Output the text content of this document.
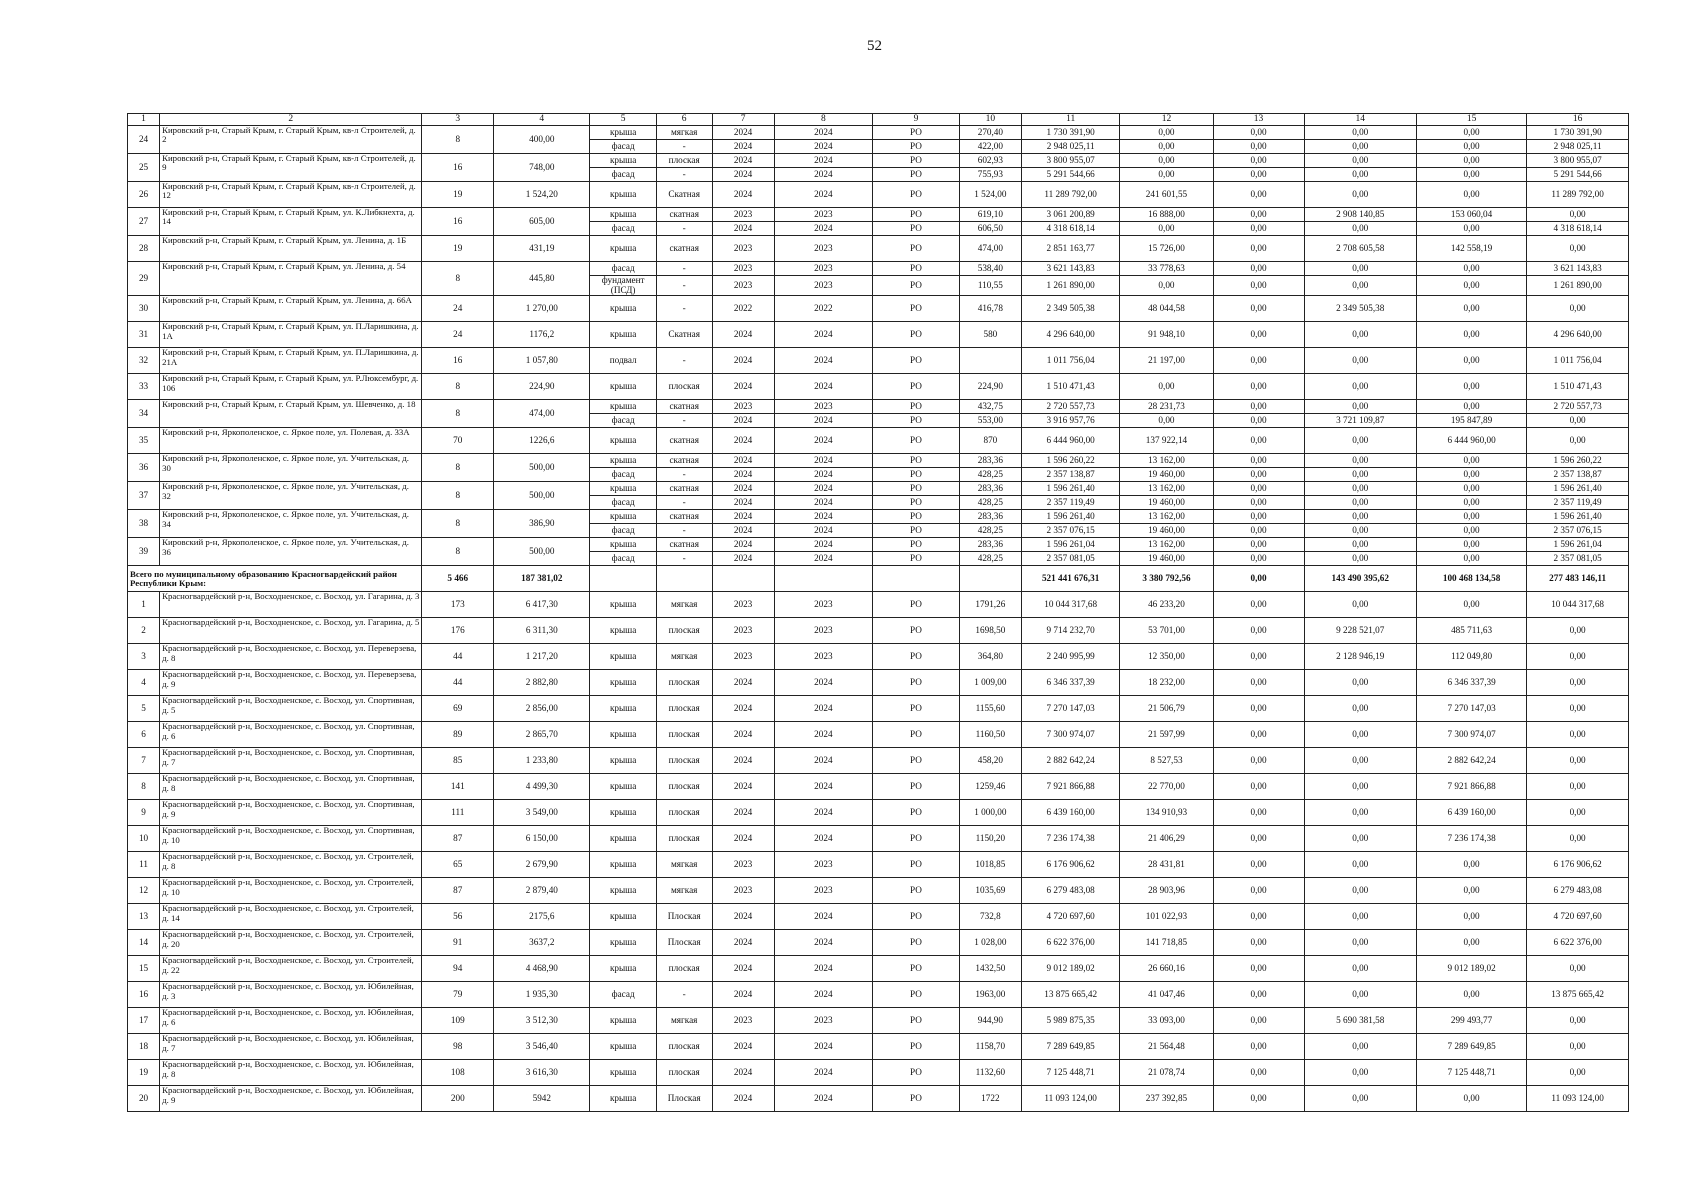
52
1	2	3	4	5	6	7	8	9	10	11	12	13	14	15	16
24	Кировский р-н, Старый Крым, г. Старый Крым, кв-л Строителей, д. 2	8	400,00	крыша	мягкая	2024	2024	РО	270,40	1 730 391,90	0,00	0,00	0,00	0,00	1 730 391,90
				фасад	-	2024	2024	РО	422,00	2 948 025,11	0,00	0,00	0,00	0,00	2 948 025,11
25	Кировский р-н, Старый Крым, г. Старый Крым, кв-л Строителей, д. 9	16	748,00	крыша	плоская	2024	2024	РО	602,93	3 800 955,07	0,00	0,00	0,00	0,00	3 800 955,07
				фасад	-	2024	2024	РО	755,93	5 291 544,66	0,00	0,00	0,00	0,00	5 291 544,66
26	Кировский р-н, Старый Крым, г. Старый Крым, кв-л Строителей, д. 12	19	1 524,20	крыша	Скатная	2024	2024	РО	1 524,00	11 289 792,00	241 601,55	0,00	0,00	0,00	11 289 792,00
27	Кировский р-н, Старый Крым, г. Старый Крым, ул. К.Либкнехта, д. 14	16	605,00	крыша	скатная	2023	2023	РО	619,10	3 061 200,89	16 888,00	0,00	2 908 140,85	153 060,04	0,00
				фасад	-	2024	2024	РО	606,50	4 318 618,14	0,00	0,00	0,00	0,00	4 318 618,14
28	Кировский р-н, Старый Крым, г. Старый Крым, ул. Ленина, д. 1Б	19	431,19	крыша	скатная	2023	2023	РО	474,00	2 851 163,77	15 726,00	0,00	2 708 605,58	142 558,19	0,00
29	Кировский р-н, Старый Крым, г. Старый Крым, ул. Ленина, д. 54	8	445,80	фасад	-	2023	2023	РО	538,40	3 621 143,83	33 778,63	0,00	0,00	0,00	3 621 143,83
				фундамент (ПСД)	-	2023	2023	РО	110,55	1 261 890,00	0,00	0,00	0,00	0,00	1 261 890,00
30	Кировский р-н, Старый Крым, г. Старый Крым, ул. Ленина, д. 66А	24	1 270,00	крыша	-	2022	2022	РО	416,78	2 349 505,38	48 044,58	0,00	2 349 505,38	0,00	0,00
31	Кировский р-н, Старый Крым, г. Старый Крым, ул. П.Ларишкина, д. 1А	24	1176,2	крыша	Скатная	2024	2024	РО	580	4 296 640,00	91 948,10	0,00	0,00	0,00	4 296 640,00
32	Кировский р-н, Старый Крым, г. Старый Крым, ул. П.Ларишкина, д. 21А	16	1 057,80	подвал	-	2024	2024	РО		1 011 756,04	21 197,00	0,00	0,00	0,00	1 011 756,04
33	Кировский р-н, Старый Крым, г. Старый Крым, ул. Р.Люксембург, д. 106	8	224,90	крыша	плоская	2024	2024	РО	224,90	1 510 471,43	0,00	0,00	0,00	0,00	1 510 471,43
34	Кировский р-н, Старый Крым, г. Старый Крым, ул. Шевченко, д. 18	8	474,00	крыша	скатная	2023	2023	РО	432,75	2 720 557,73	28 231,73	0,00	0,00	0,00	2 720 557,73
				фасад	-	2024	2024	РО	553,00	3 916 957,76	0,00	0,00	3 721 109,87	195 847,89	0,00
35	Кировский р-н, Яркополенское, с. Яркое поле, ул. Полевая, д. 33А	70	1226,6	крыша	скатная	2024	2024	РО	870	6 444 960,00	137 922,14	0,00	0,00	6 444 960,00	0,00
36	Кировский р-н, Яркополенское, с. Яркое поле, ул. Учительская, д. 30	8	500,00	крыша	скатная	2024	2024	РО	283,36	1 596 260,22	13 162,00	0,00	0,00	0,00	1 596 260,22
				фасад	-	2024	2024	РО	428,25	2 357 138,87	19 460,00	0,00	0,00	0,00	2 357 138,87
37	Кировский р-н, Яркополенское, с. Яркое поле, ул. Учительская, д. 32	8	500,00	крыша	скатная	2024	2024	РО	283,36	1 596 261,40	13 162,00	0,00	0,00	0,00	1 596 261,40
				фасад	-	2024	2024	РО	428,25	2 357 119,49	19 460,00	0,00	0,00	0,00	2 357 119,49
38	Кировский р-н, Яркополенское, с. Яркое поле, ул. Учительская, д. 34	8	386,90	крыша	скатная	2024	2024	РО	283,36	1 596 261,40	13 162,00	0,00	0,00	0,00	1 596 261,40
				фасад	-	2024	2024	РО	428,25	2 357 076,15	19 460,00	0,00	0,00	0,00	2 357 076,15
39	Кировский р-н, Яркополенское, с. Яркое поле, ул. Учительская, д. 36	8	500,00	крыша	скатная	2024	2024	РО	283,36	1 596 261,04	13 162,00	0,00	0,00	0,00	1 596 261,04
				фасад	-	2024	2024	РО	428,25	2 357 081,05	19 460,00	0,00	0,00	0,00	2 357 081,05
Всего по муниципальному образованию Красногвардейский район Республики Крым:		5 466	187 381,02							521 441 676,31	3 380 792,56	0,00	143 490 395,62	100 468 134,58	277 483 146,11
1	Красногвардейский р-н, Восходненское, с. Восход, ул. Гагарина, д. 3	173	6 417,30	крыша	мягкая	2023	2023	РО	1791,26	10 044 317,68	46 233,20	0,00	0,00	0,00	10 044 317,68
2	Красногвардейский р-н, Восходненское, с. Восход, ул. Гагарина, д. 5	176	6 311,30	крыша	плоская	2023	2023	РО	1698,50	9 714 232,70	53 701,00	0,00	9 228 521,07	485 711,63	0,00
3	Красногвардейский р-н, Восходненское, с. Восход, ул. Переверзева, д. 8	44	1 217,20	крыша	мягкая	2023	2023	РО	364,80	2 240 995,99	12 350,00	0,00	2 128 946,19	112 049,80	0,00
4	Красногвардейский р-н, Восходненское, с. Восход, ул. Переверзева, д. 9	44	2 882,80	крыша	плоская	2024	2024	РО	1 009,00	6 346 337,39	18 232,00	0,00	0,00	6 346 337,39	0,00
5	Красногвардейский р-н, Восходненское, с. Восход, ул. Спортивная, д. 5	69	2 856,00	крыша	плоская	2024	2024	РО	1155,60	7 270 147,03	21 506,79	0,00	0,00	7 270 147,03	0,00
6	Красногвардейский р-н, Восходненское, с. Восход, ул. Спортивная, д. 6	89	2 865,70	крыша	плоская	2024	2024	РО	1160,50	7 300 974,07	21 597,99	0,00	0,00	7 300 974,07	0,00
7	Красногвардейский р-н, Восходненское, с. Восход, ул. Спортивная, д. 7	85	1 233,80	крыша	плоская	2024	2024	РО	458,20	2 882 642,24	8 527,53	0,00	0,00	2 882 642,24	0,00
8	Красногвардейский р-н, Восходненское, с. Восход, ул. Спортивная, д. 8	141	4 499,30	крыша	плоская	2024	2024	РО	1259,46	7 921 866,88	22 770,00	0,00	0,00	7 921 866,88	0,00
9	Красногвардейский р-н, Восходненское, с. Восход, ул. Спортивная, д. 9	111	3 549,00	крыша	плоская	2024	2024	РО	1 000,00	6 439 160,00	134 910,93	0,00	0,00	6 439 160,00	0,00
10	Красногвардейский р-н, Восходненское, с. Восход, ул. Спортивная, д. 10	87	6 150,00	крыша	плоская	2024	2024	РО	1150,20	7 236 174,38	21 406,29	0,00	0,00	7 236 174,38	0,00
11	Красногвардейский р-н, Восходненское, с. Восход, ул. Строителей, д. 8	65	2 679,90	крыша	мягкая	2023	2023	РО	1018,85	6 176 906,62	28 431,81	0,00	0,00	0,00	6 176 906,62
12	Красногвардейский р-н, Восходненское, с. Восход, ул. Строителей, д. 10	87	2 879,40	крыша	мягкая	2023	2023	РО	1035,69	6 279 483,08	28 903,96	0,00	0,00	0,00	6 279 483,08
13	Красногвардейский р-н, Восходненское, с. Восход, ул. Строителей, д. 14	56	2175,6	крыша	Плоская	2024	2024	РО	732,8	4 720 697,60	101 022,93	0,00	0,00	0,00	4 720 697,60
14	Красногвардейский р-н, Восходненское, с. Восход, ул. Строителей, д. 20	91	3637,2	крыша	Плоская	2024	2024	РО	1 028,00	6 622 376,00	141 718,85	0,00	0,00	0,00	6 622 376,00
15	Красногвардейский р-н, Восходненское, с. Восход, ул. Строителей, д. 22	94	4 468,90	крыша	плоская	2024	2024	РО	1432,50	9 012 189,02	26 660,16	0,00	0,00	9 012 189,02	0,00
16	Красногвардейский р-н, Восходненское, с. Восход, ул. Юбилейная, д. 3	79	1 935,30	фасад	-	2024	2024	РО	1963,00	13 875 665,42	41 047,46	0,00	0,00	0,00	13 875 665,42
17	Красногвардейский р-н, Восходненское, с. Восход, ул. Юбилейная, д. 6	109	3 512,30	крыша	мягкая	2023	2023	РО	944,90	5 989 875,35	33 093,00	0,00	5 690 381,58	299 493,77	0,00
18	Красногвардейский р-н, Восходненское, с. Восход, ул. Юбилейная, д. 7	98	3 546,40	крыша	плоская	2024	2024	РО	1158,70	7 289 649,85	21 564,48	0,00	0,00	7 289 649,85	0,00
19	Красногвардейский р-н, Восходненское, с. Восход, ул. Юбилейная, д. 8	108	3 616,30	крыша	плоская	2024	2024	РО	1132,60	7 125 448,71	21 078,74	0,00	0,00	7 125 448,71	0,00
20	Красногвардейский р-н, Восходненское, с. Восход, ул. Юбилейная, д. 9	200	5942	крыша	Плоская	2024	2024	РО	1722	11 093 124,00	237 392,85	0,00	0,00	0,00	11 093 124,00
